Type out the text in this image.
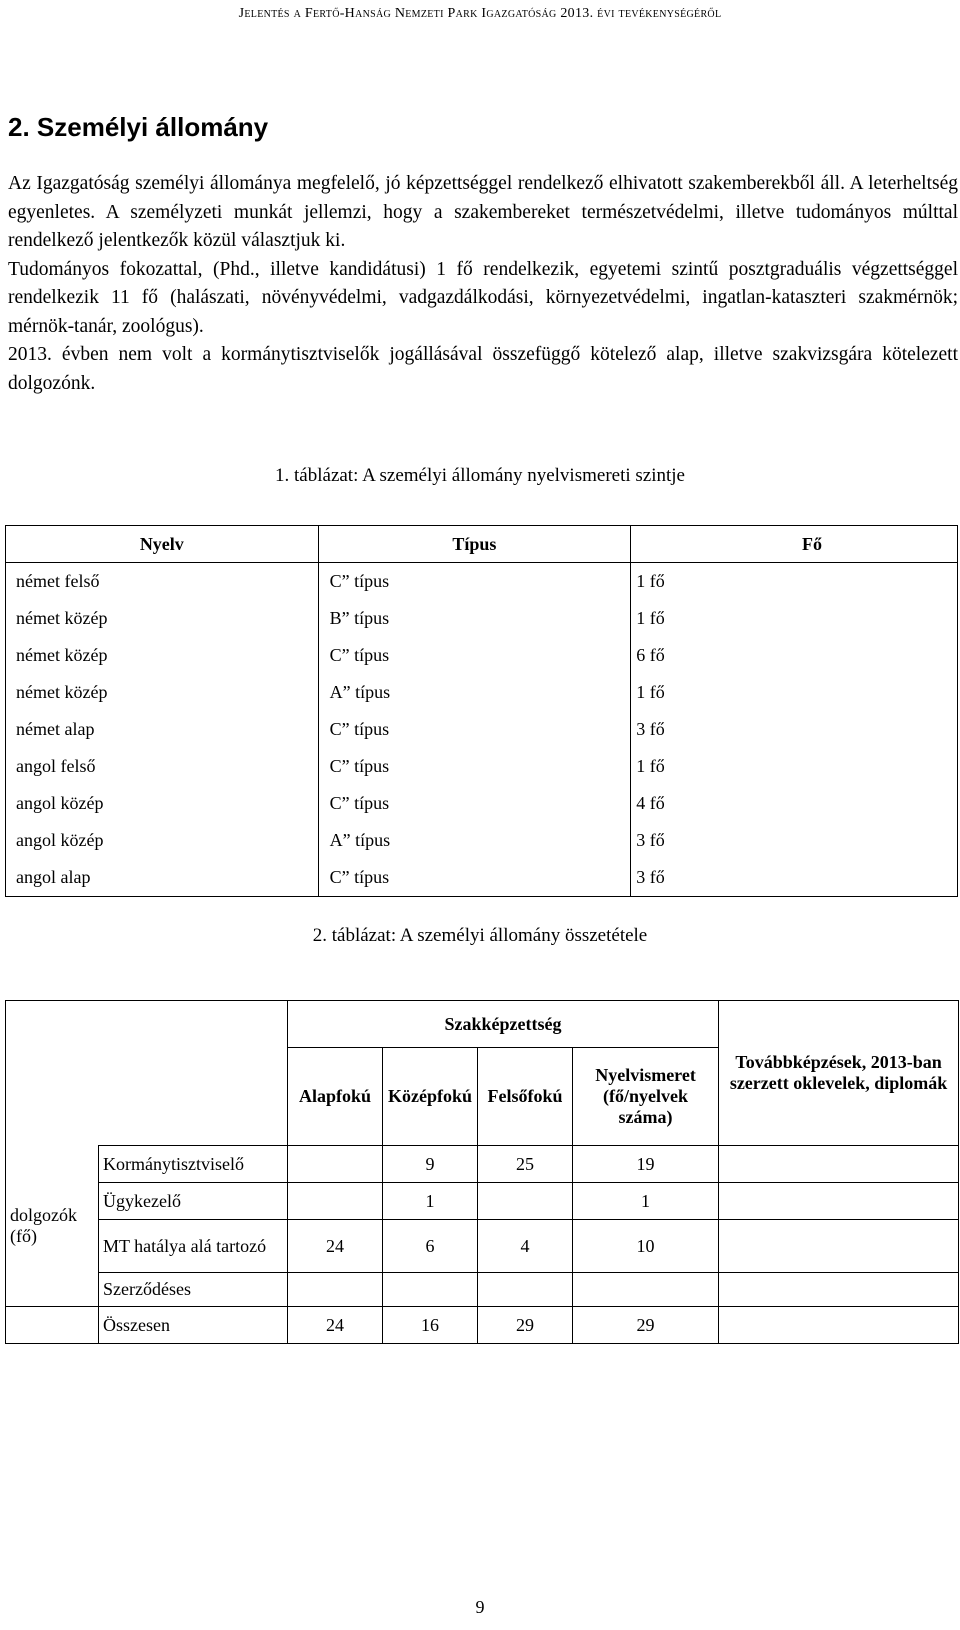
Jelentés a Fertő-Hanság Nemzeti Park Igazgatóság 2013. évi tevékenységéről
2. Személyi állomány

Az Igazgatóság személyi állománya megfelelő, jó képzettséggel rendelkező elhivatott szakemberekből áll. A leterheltség egyenletes. A személyzeti munkát jellemzi, hogy a szakembereket természetvédelmi, illetve tudományos múlttal rendelkező jelentkezők közül választjuk ki.

Tudományos fokozattal, (Phd., illetve kandidátusi) 1 fő rendelkezik, egyetemi szintű posztgraduális végzettséggel rendelkezik 11 fő (halászati, növényvédelmi, vadgazdálkodási, környezetvédelmi, ingatlan-kataszteri szakmérnök; mérnök-tanár, zoológus).

2013. évben nem volt a kormánytisztviselők jogállásával összefüggő kötelező alap, illetve szakvizsgára kötelezett dolgozónk.

1. táblázat: A személyi állomány nyelvismereti szintje
Nyelv	Típus	Fő
német felső	C” típus	1 fő
német közép	B” típus	1 fő
német közép	C” típus	6 fő
német közép	A” típus	1 fő
német alap	C” típus	3 fő
angol felső	C” típus	1 fő
angol közép	C” típus	4 fő
angol közép	A” típus	3 fő
angol alap	C” típus	3 fő
2. táblázat: A személyi állomány összetétele
		Szakképzettség				Továbbképzések, 2013-ban szerzett oklevelek, diplomák
		Alapfokú	Középfokú	Felsőfokú	Nyelvismeret (fő/nyelvek száma)	
dolgozók (fő)	Kormánytisztviselő		9	25	19	
	Ügykezelő		1		1	
	MT hatálya alá tartozó	24	6	4	10	
	Szerződéses					
	Összesen	24	16	29	29	
9
